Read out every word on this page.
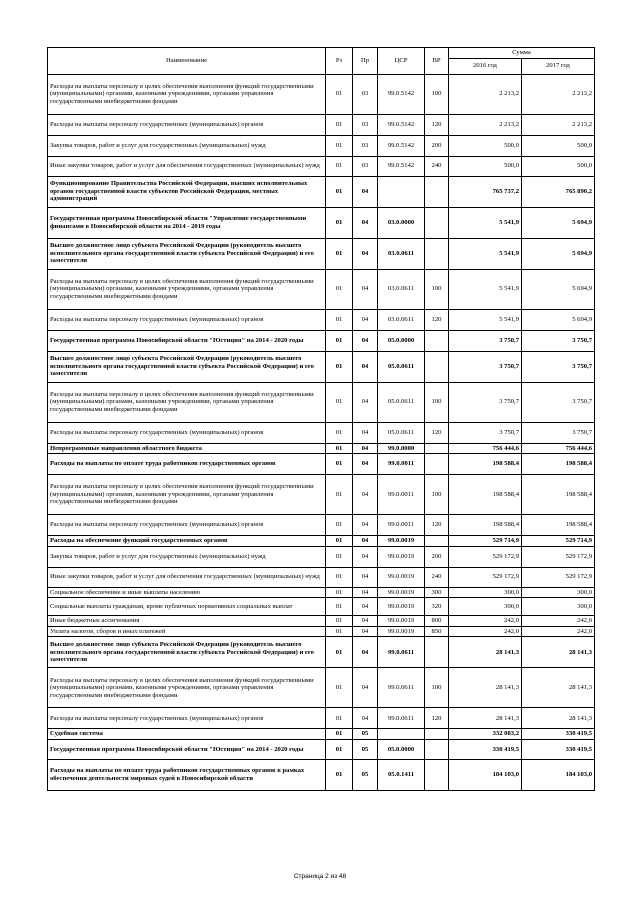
Наименование	Рз	Пр	ЦСР	ВР	Сумма	
					2016 год	2017 год
Расходы на выплаты персоналу в целях обеспечения выполнения функций государственными (муниципальными) органами, казенными учреждениями, органами управления государственными внебюджетными фондами	01	03	99.0.5142	100	2 213,2	2 213,2
Расходы на выплаты персоналу государственных (муниципальных) органов	01	03	99.0.5142	120	2 213,2	2 213,2
Закупка товаров, работ и услуг для государственных (муниципальных) нужд	01	03	99.0.5142	200	500,0	500,0
Иные закупки товаров, работ и услуг для обеспечения государственных (муниципальных) нужд	01	03	99.0.5142	240	500,0	500,0
Функционирование Правительства Российской Федерации, высших исполнительных органов государственной власти субъектов Российской Федерации, местных администраций	01	04			765 737,2	765 890,2
Государственная программа Новосибирской области "Управление государственными финансами в Новосибирской области на 2014 - 2019 годы	01	04	03.0.0000		5 541,9	5 694,9
Высшее должностное лицо субъекта Российской Федерации (руководитель высшего исполнительного органа государственной власти субъекта Российской Федерации) и его заместители	01	04	03.0.0611		5 541,9	5 694,9
Расходы на выплаты персоналу в целях обеспечения выполнения функций государственными (муниципальными) органами, казенными учреждениями, органами управления государственными внебюджетными фондами	01	04	03.0.0611	100	5 541,9	5 694,9
Расходы на выплаты персоналу государственных (муниципальных) органов	01	04	03.0.0611	120	5 541,9	5 694,9
Государственная программа Новосибирской области "Юстиция" на 2014 - 2020 годы	01	04	05.0.0000		3 750,7	3 750,7
Высшее должностное лицо субъекта Российской Федерации (руководитель высшего исполнительного органа государственной власти субъекта Российской Федерации) и его заместители	01	04	05.0.0611		3 750,7	3 750,7
Расходы на выплаты персоналу в целях обеспечения выполнения функций государственными (муниципальными) органами, казенными учреждениями, органами управления государственными внебюджетными фондами	01	04	05.0.0611	100	3 750,7	3 750,7
Расходы на выплаты персоналу государственных (муниципальных) органов	01	04	05.0.0611	120	3 750,7	3 750,7
Непрограммные направления областного бюджета	01	04	99.0.0000		756 444,6	756 444,6
Расходы на выплаты по оплате труда работников государственных органов	01	04	99.0.0011		198 588,4	198 588,4
Расходы на выплаты персоналу в целях обеспечения выполнения функций государственными (муниципальными) органами, казенными учреждениями, органами управления государственными внебюджетными фондами	01	04	99.0.0011	100	198 588,4	198 588,4
Расходы на выплаты персоналу государственных (муниципальных) органов	01	04	99.0.0011	120	198 588,4	198 588,4
Расходы на обеспечение функций государственных органов	01	04	99.0.0019		529 714,9	529 714,9
Закупка товаров, работ и услуг для государственных (муниципальных) нужд	01	04	99.0.0019	200	529 172,9	529 172,9
Иные закупки товаров, работ и услуг для обеспечения государственных (муниципальных) нужд	01	04	99.0.0019	240	529 172,9	529 172,9
Социальное обеспечение и иные выплаты населению	01	04	99.0.0019	300	300,0	300,0
Социальные выплаты гражданам, кроме публичных нормативных социальных выплат	01	04	99.0.0019	320	300,0	300,0
Иные бюджетные ассигнования	01	04	99.0.0019	800	242,0	242,0
Уплата налогов, сборов и иных платежей	01	04	99.0.0019	850	242,0	242,0
Высшее должностное лицо субъекта Российской Федерации (руководитель высшего исполнительного органа государственной власти субъекта Российской Федерации) и его заместители	01	04	99.0.0611		28 141,3	28 141,3
Расходы на выплаты персоналу в целях обеспечения выполнения функций государственными (муниципальными) органами, казенными учреждениями, органами управления государственными внебюджетными фондами	01	04	99.0.0611	100	28 141,3	28 141,3
Расходы на выплаты персоналу государственных (муниципальных) органов	01	04	99.0.0611	120	28 141,3	28 141,3
Судебная система	01	05			332 083,2	330 419,5
Государственная программа Новосибирской области "Юстиция" на 2014 - 2020 годы	01	05	05.0.0000		330 419,5	330 419,5
Расходы на выплаты по оплате труда работников государственных органов в рамках обеспечения деятельности мировых судей в Новосибирской области	01	05	05.0.1411		184 103,0	184 103,0
Страница 2 из 48
